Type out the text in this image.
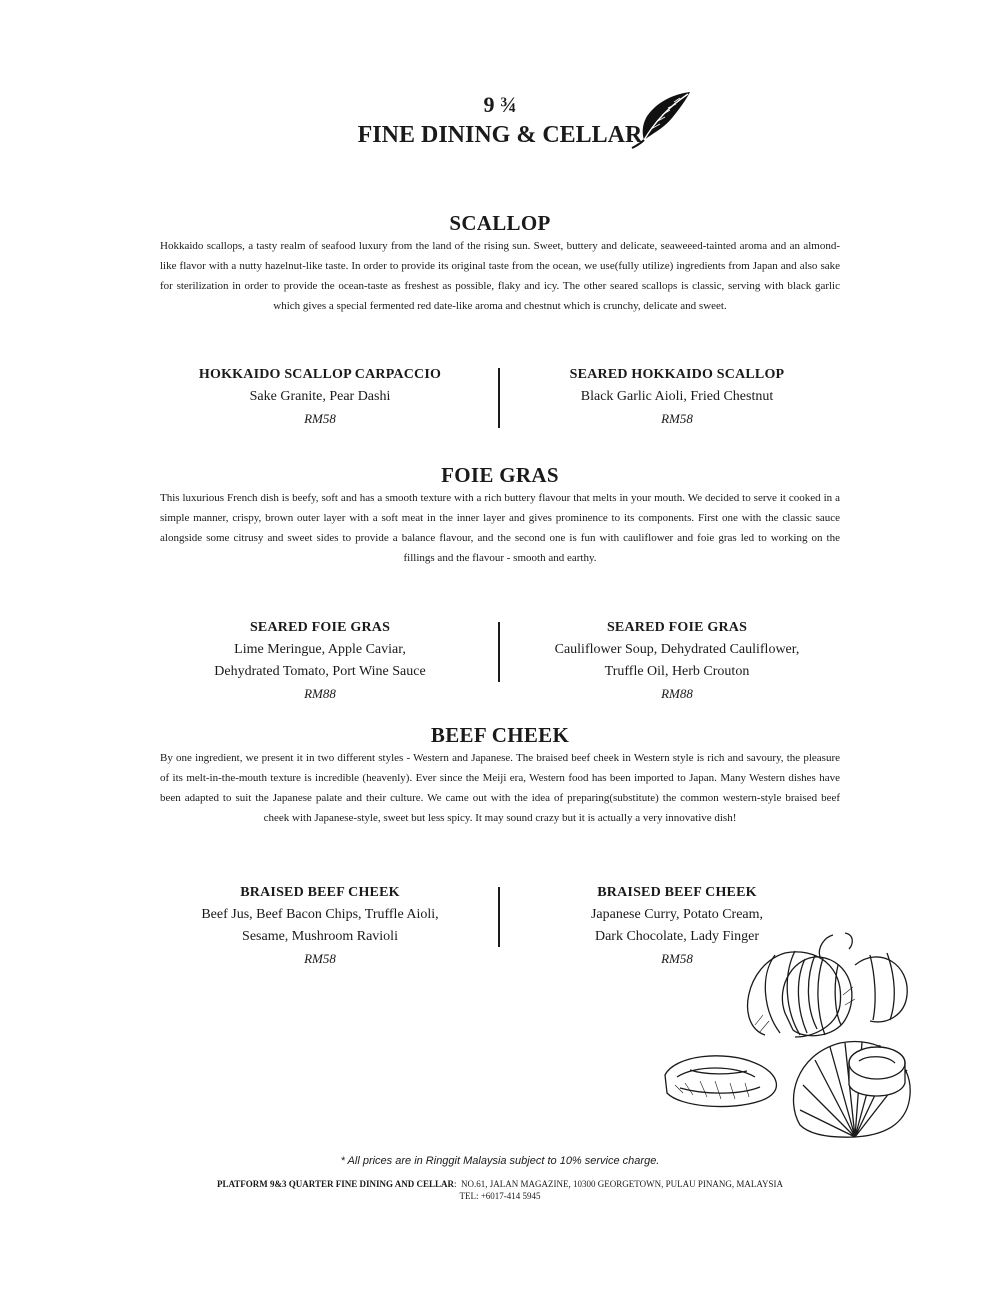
9 ¾
FINE DINING & CELLAR
SCALLOP
Hokkaido scallops, a tasty realm of seafood luxury from the land of the rising sun. Sweet, buttery and delicate, seaweeed-tainted aroma and an almond-like flavor with a nutty hazelnut-like taste. In order to provide its original taste from the ocean, we use(fully utilize) ingredients from Japan and also sake for sterilization in order to provide the ocean-taste as freshest as possible, flaky and icy. The other seared scallops is classic, serving with black garlic which gives a special fermented red date-like aroma and chestnut which is crunchy, delicate and sweet.
HOKKAIDO SCALLOP CARPACCIO
Sake Granite, Pear Dashi
RM58
SEARED HOKKAIDO SCALLOP
Black Garlic Aioli, Fried Chestnut
RM58
FOIE GRAS
This luxurious French dish is beefy, soft and has a smooth texture with a rich buttery flavour that melts in your mouth. We decided to serve it cooked in a simple manner, crispy, brown outer layer with a soft meat in the inner layer and gives prominence to its components. First one with the classic sauce alongside some citrusy and sweet sides to provide a balance flavour, and the second one is fun with cauliflower and foie gras led to working on the fillings and the flavour - smooth and earthy.
SEARED FOIE GRAS
Lime Meringue, Apple Caviar,
Dehydrated Tomato, Port Wine Sauce
RM88
SEARED FOIE GRAS
Cauliflower Soup, Dehydrated Cauliflower,
Truffle Oil, Herb Crouton
RM88
BEEF CHEEK
By one ingredient, we present it in two different styles - Western and Japanese. The braised beef cheek in Western style is rich and savoury, the pleasure of its melt-in-the-mouth texture is incredible (heavenly). Ever since the Meiji era, Western food has been imported to Japan. Many Western dishes have been adapted to suit the Japanese palate and their culture. We came out with the idea of preparing(substitute) the common western-style braised beef cheek with Japanese-style, sweet but less spicy. It may sound crazy but it is actually a very innovative dish!
BRAISED BEEF CHEEK
Beef Jus, Beef Bacon Chips, Truffle Aioli,
Sesame, Mushroom Ravioli
RM58
BRAISED BEEF CHEEK
Japanese Curry, Potato Cream,
Dark Chocolate, Lady Finger
RM58
* All prices are in Ringgit Malaysia subject to 10% service charge.
PLATFORM 9&3 QUARTER FINE DINING AND CELLAR: NO.61, JALAN MAGAZINE, 10300 GEORGETOWN, PULAU PINANG, MALAYSIA
TEL: +6017-414 5945
